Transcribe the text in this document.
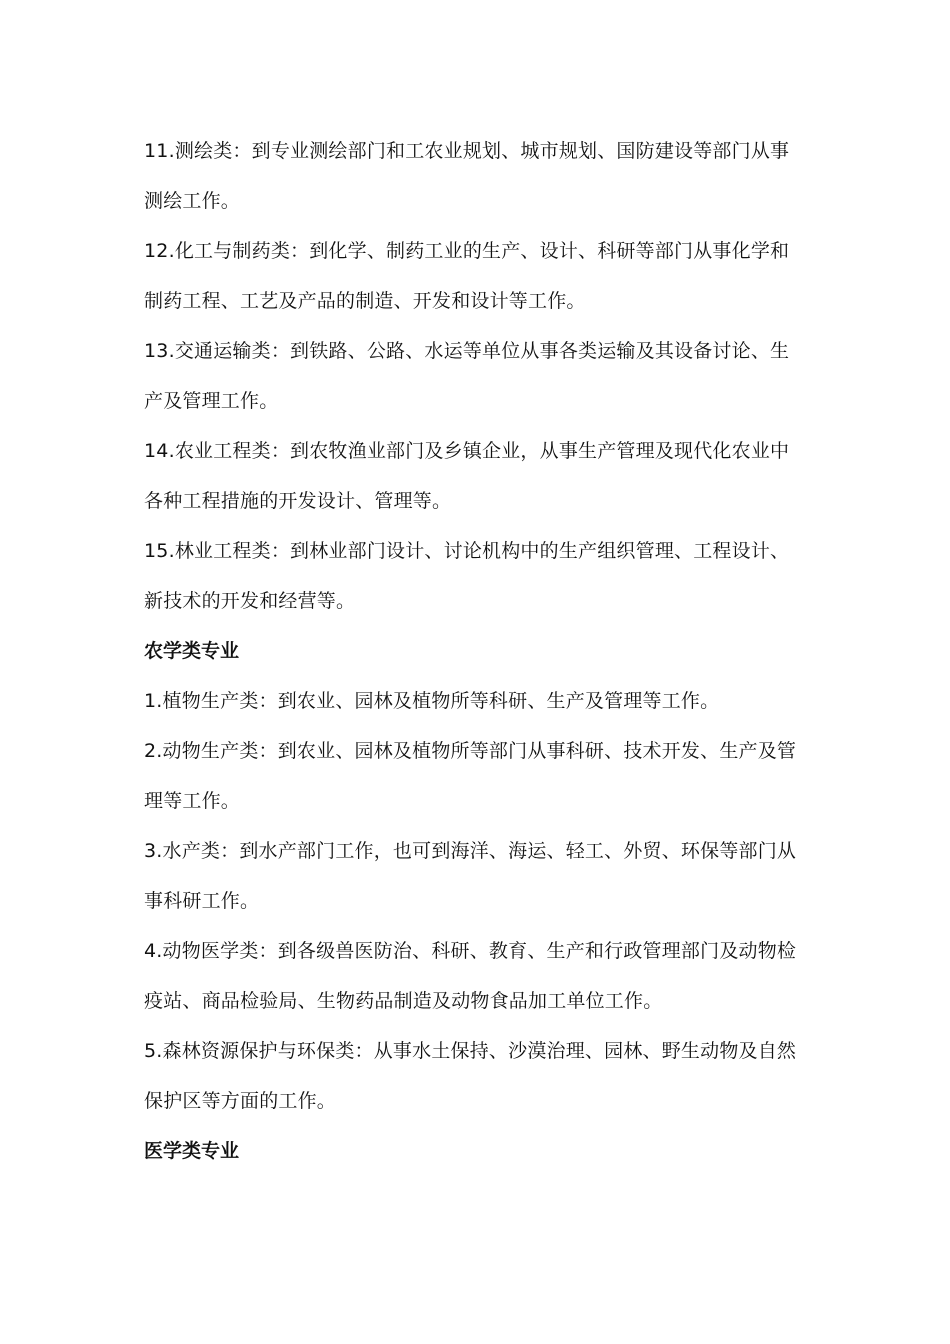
11.测绘类：到专业测绘部门和工农业规划、城市规划、国防建设等部门从事测绘工作。

12.化工与制药类：到化学、制药工业的生产、设计、科研等部门从事化学和制药工程、工艺及产品的制造、开发和设计等工作。

13.交通运输类：到铁路、公路、水运等单位从事各类运输及其设备讨论、生产及管理工作。

14.农业工程类：到农牧渔业部门及乡镇企业，从事生产管理及现代化农业中各种工程措施的开发设计、管理等。

15.林业工程类：到林业部门设计、讨论机构中的生产组织管理、工程设计、新技术的开发和经营等。

农学类专业

1.植物生产类：到农业、园林及植物所等科研、生产及管理等工作。

2.动物生产类：到农业、园林及植物所等部门从事科研、技术开发、生产及管理等工作。

3.水产类：到水产部门工作，也可到海洋、海运、轻工、外贸、环保等部门从事科研工作。

4.动物医学类：到各级兽医防治、科研、教育、生产和行政管理部门及动物检疫站、商品检验局、生物药品制造及动物食品加工单位工作。

5.森林资源保护与环保类：从事水土保持、沙漠治理、园林、野生动物及自然保护区等方面的工作。

医学类专业
